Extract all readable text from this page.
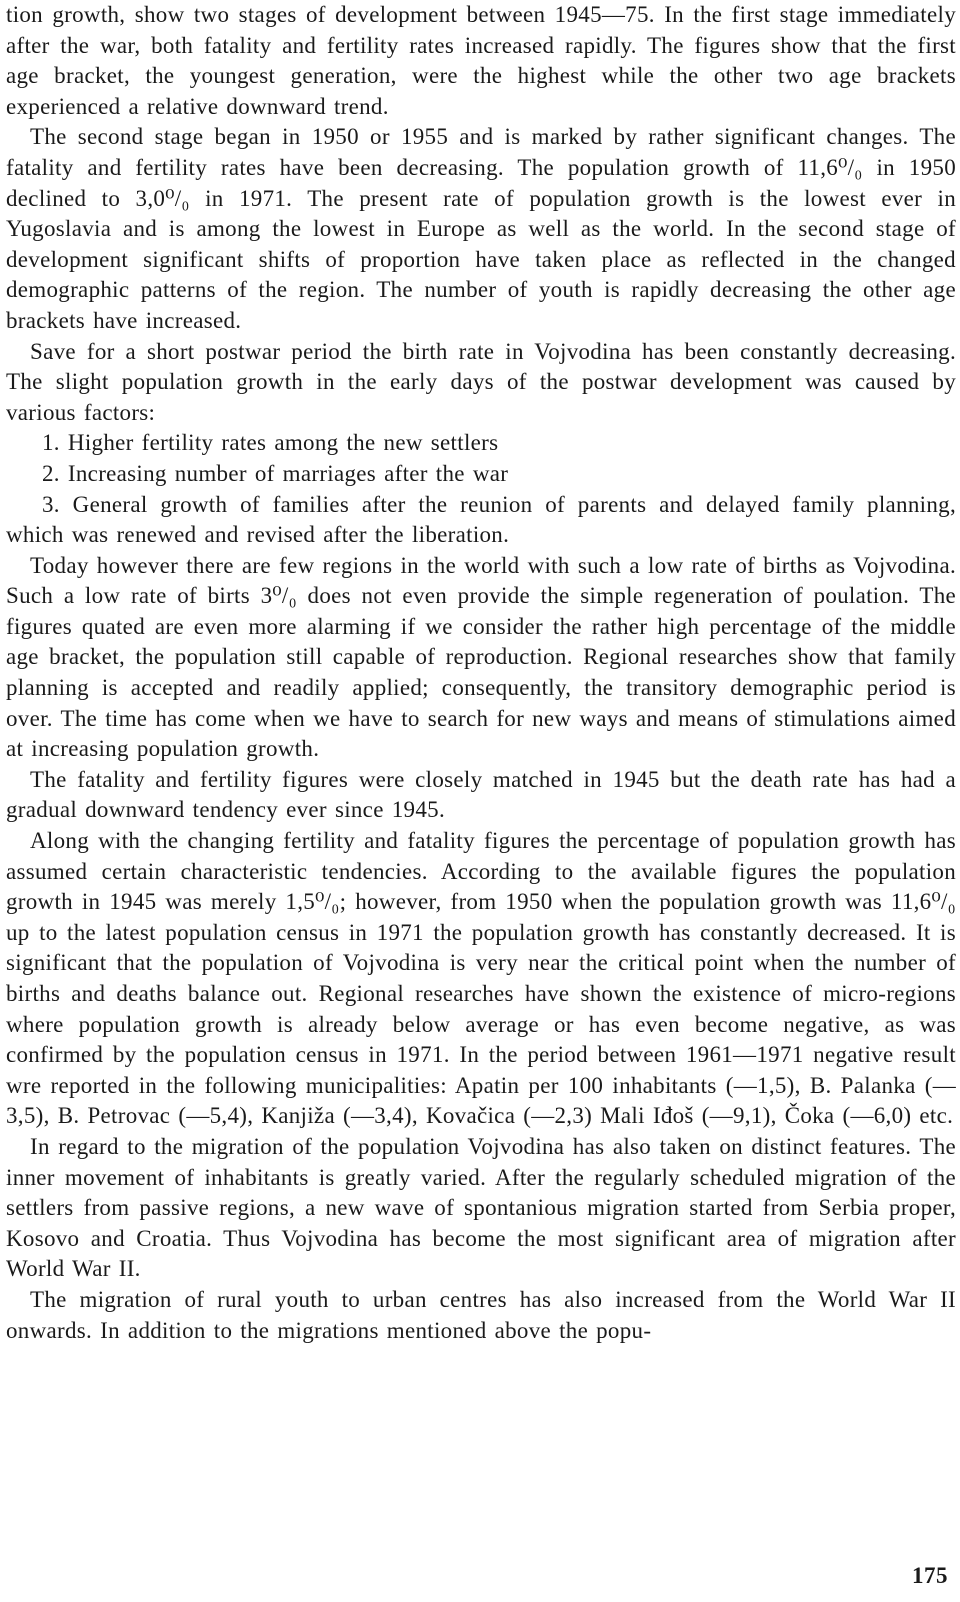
tion growth, show two stages of development between 1945—75. In the first stage immediately after the war, both fatality and fertility rates increased rapidly. The figures show that the first age bracket, the youngest generation, were the highest while the other two age brackets experienced a relative downward trend.

The second stage began in 1950 or 1955 and is marked by rather significant changes. The fatality and fertility rates have been decreasing. The population growth of 11,6⁰/₀ in 1950 declined to 3,0⁰/₀ in 1971. The present rate of population growth is the lowest ever in Yugoslavia and is among the lowest in Europe as well as the world. In the second stage of development significant shifts of proportion have taken place as reflected in the changed demographic patterns of the region. The number of youth is rapidly decreasing the other age brackets have increased.

Save for a short postwar period the birth rate in Vojvodina has been constantly decreasing. The slight population growth in the early days of the postwar development was caused by various factors:

1. Higher fertility rates among the new settlers

2. Increasing number of marriages after the war

3. General growth of families after the reunion of parents and delayed family planning, which was renewed and revised after the liberation.

Today however there are few regions in the world with such a low rate of births as Vojvodina. Such a low rate of birts 3⁰/₀ does not even provide the simple regeneration of poulation. The figures quated are even more alarming if we consider the rather high percentage of the middle age bracket, the population still capable of reproduction. Regional researches show that family planning is accepted and readily applied; consequently, the transitory demographic period is over. The time has come when we have to search for new ways and means of stimulations aimed at increasing population growth.

The fatality and fertility figures were closely matched in 1945 but the death rate has had a gradual downward tendency ever since 1945.

Along with the changing fertility and fatality figures the percentage of population growth has assumed certain characteristic tendencies. According to the available figures the population growth in 1945 was merely 1,5⁰/₀; however, from 1950 when the population growth was 11,6⁰/₀ up to the latest population census in 1971 the population growth has constantly decreased. It is significant that the population of Vojvodina is very near the critical point when the number of births and deaths balance out. Regional researches have shown the existence of micro-regions where population growth is already below average or has even become negative, as was confirmed by the population census in 1971. In the period between 1961—1971 negative result wre reported in the following municipalities: Apatin per 100 inhabitants (—1,5), B. Palanka (—3,5), B. Petrovac (—5,4), Kanjiža (—3,4), Kovačica (—2,3) Mali Iđoš (—9,1), Čoka (—6,0) etc.

In regard to the migration of the population Vojvodina has also taken on distinct features. The inner movement of inhabitants is greatly varied. After the regularly scheduled migration of the settlers from passive regions, a new wave of spontanious migration started from Serbia proper, Kosovo and Croatia. Thus Vojvodina has become the most significant area of migration after World War II.

The migration of rural youth to urban centres has also increased from the World War II onwards. In addition to the migrations mentioned above the popu-

175
